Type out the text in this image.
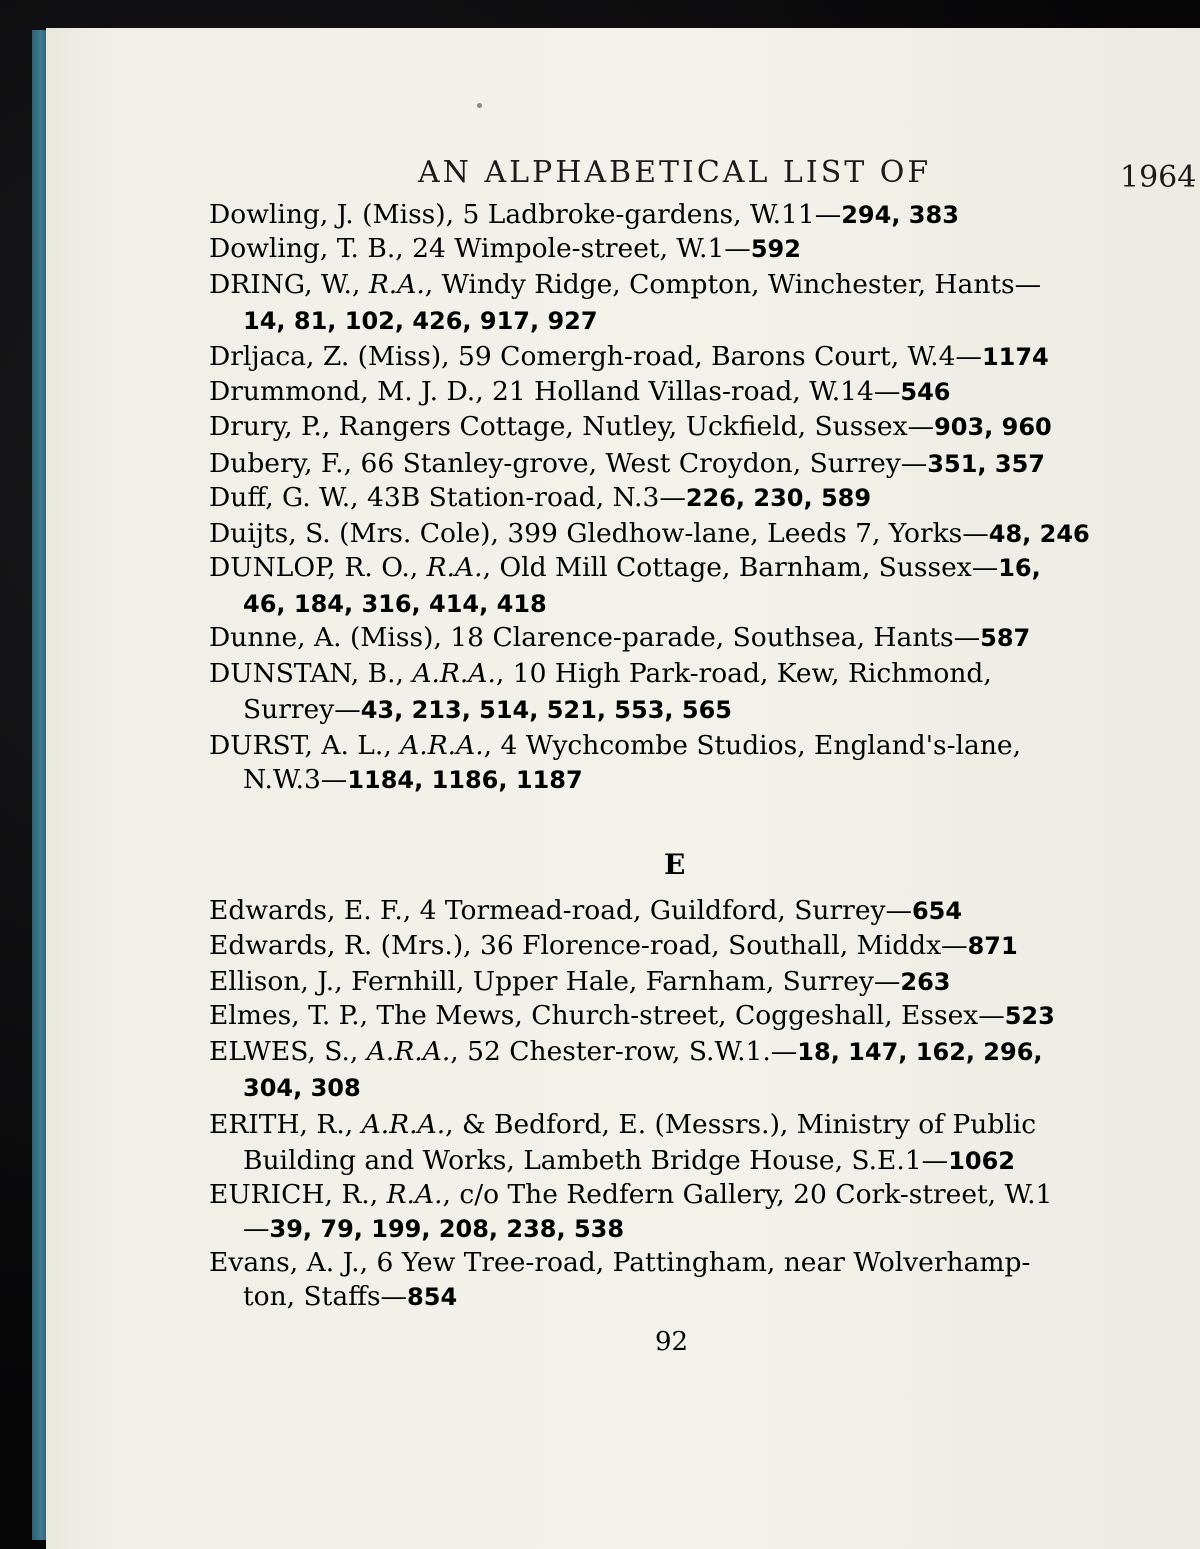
AN ALPHABETICAL LIST OF	1964
Dowling, J. (Miss), 5 Ladbroke-gardens, W.11—294, 383
Dowling, T. B., 24 Wimpole-street, W.1—592
DRING, W., R.A., Windy Ridge, Compton, Winchester, Hants—
14, 81, 102, 426, 917, 927
Drljaca, Z. (Miss), 59 Comergh-road, Barons Court, W.4—1174
Drummond, M. J. D., 21 Holland Villas-road, W.14—546
Drury, P., Rangers Cottage, Nutley, Uckfield, Sussex—903, 960
Dubery, F., 66 Stanley-grove, West Croydon, Surrey—351, 357
Duff, G. W., 43B Station-road, N.3—226, 230, 589
Duijts, S. (Mrs. Cole), 399 Gledhow-lane, Leeds 7, Yorks—48, 246
DUNLOP, R. O., R.A., Old Mill Cottage, Barnham, Sussex—16,
46, 184, 316, 414, 418
Dunne, A. (Miss), 18 Clarence-parade, Southsea, Hants—587
DUNSTAN, B., A.R.A., 10 High Park-road, Kew, Richmond,
Surrey—43, 213, 514, 521, 553, 565
DURST, A. L., A.R.A., 4 Wychcombe Studios, England's-lane,
N.W.3—1184, 1186, 1187
Edwards, E. F., 4 Tormead-road, Guildford, Surrey—654
Edwards, R. (Mrs.), 36 Florence-road, Southall, Middx—871
Ellison, J., Fernhill, Upper Hale, Farnham, Surrey—263
Elmes, T. P., The Mews, Church-street, Coggeshall, Essex—523
ELWES, S., A.R.A., 52 Chester-row, S.W.1.—18, 147, 162, 296,
304, 308
ERITH, R., A.R.A., & Bedford, E. (Messrs.), Ministry of Public
Building and Works, Lambeth Bridge House, S.E.1—1062
EURICH, R., R.A., c/o The Redfern Gallery, 20 Cork-street, W.1
—39, 79, 199, 208, 238, 538
Evans, A. J., 6 Yew Tree-road, Pattingham, near Wolverhamp-
ton, Staffs—854
E
92
